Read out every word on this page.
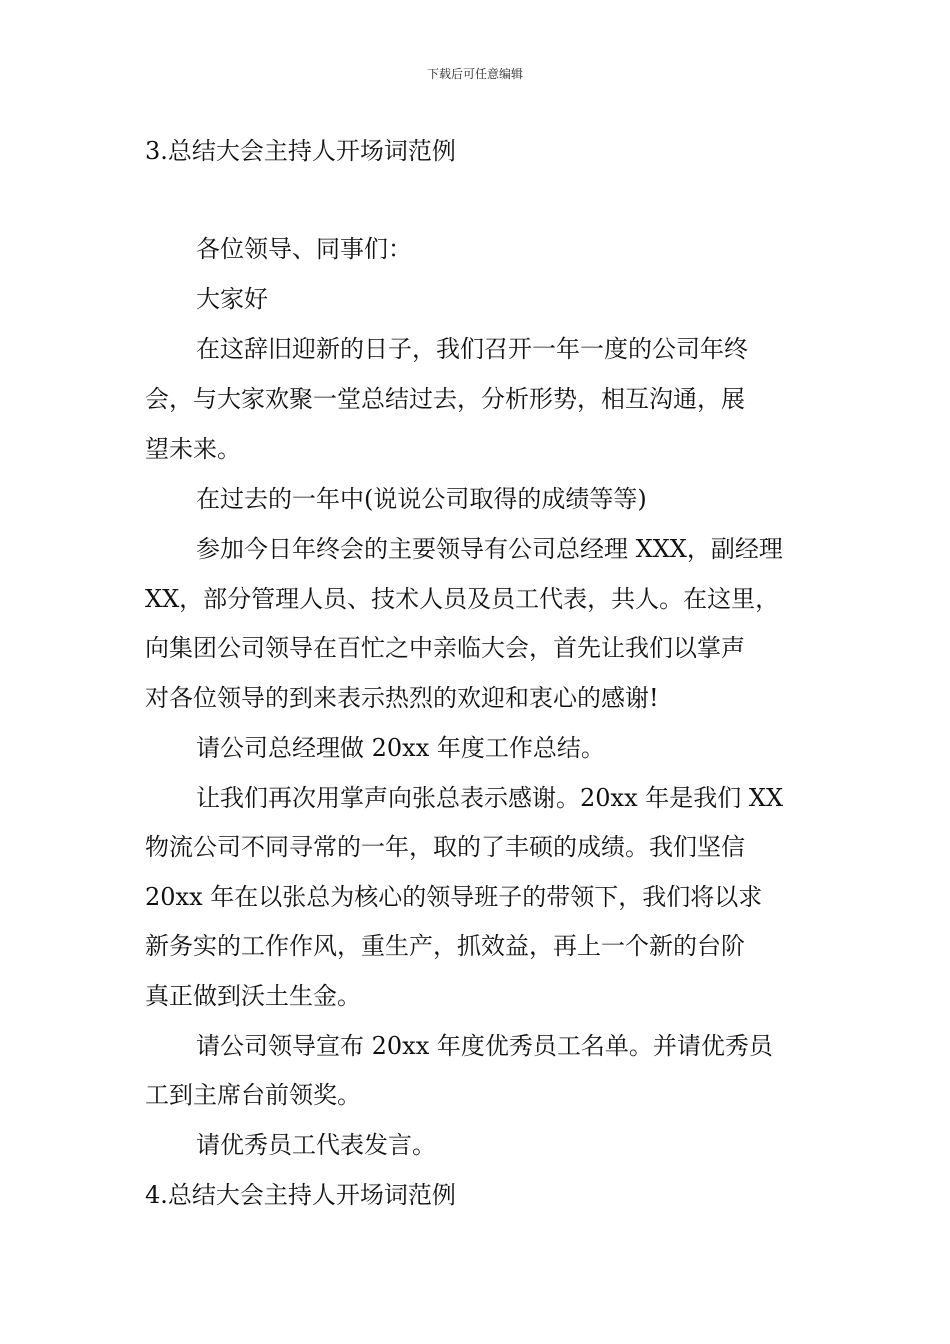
下载后可任意编辑
3.总结大会主持人开场词范例
各位领导、同事们：
大家好
在这辞旧迎新的日子，我们召开一年一度的公司年终
会，与大家欢聚一堂总结过去，分析形势，相互沟通，展
望未来。
在过去的一年中(说说公司取得的成绩等等)
参加今日年终会的主要领导有公司总经理 XXX，副经理
XX，部分管理人员、技术人员及员工代表，共人。在这里，
向集团公司领导在百忙之中亲临大会，首先让我们以掌声
对各位领导的到来表示热烈的欢迎和衷心的感谢!
请公司总经理做 20xx 年度工作总结。
让我们再次用掌声向张总表示感谢。20xx 年是我们 XX
物流公司不同寻常的一年，取的了丰硕的成绩。我们坚信
20xx 年在以张总为核心的领导班子的带领下，我们将以求
新务实的工作作风，重生产，抓效益，再上一个新的台阶
真正做到沃土生金。
请公司领导宣布 20xx 年度优秀员工名单。并请优秀员
工到主席台前领奖。
请优秀员工代表发言。
4.总结大会主持人开场词范例
